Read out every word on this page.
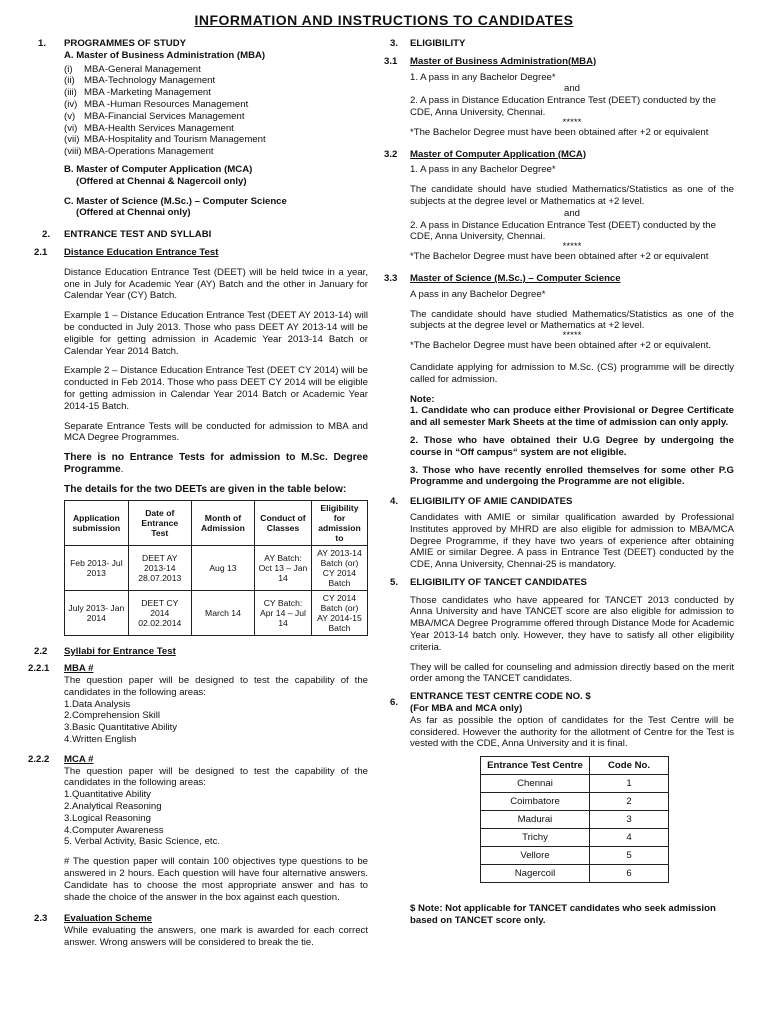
INFORMATION AND INSTRUCTIONS TO CANDIDATES
1. PROGRAMMES OF STUDY
A. Master of Business Administration (MBA)
(i)	MBA-General Management
(ii) MBA-Technology Management
(iii) MBA -Marketing Management
(iv) MBA -Human Resources Management
(v) MBA-Financial Services Management
(vi) MBA-Health Services Management
(vii) MBA-Hospitality and Tourism Management
(viii) MBA-Operations Management
B. Master of Computer Application (MCA)
(Offered at Chennai & Nagercoil only)
C. Master of Science (M.Sc.) – Computer Science
(Offered at Chennai only)
2. ENTRANCE TEST AND SYLLABI
2.1 Distance Education Entrance Test

Distance Education Entrance Test (DEET) will be held twice in a year, one in July for Academic Year (AY) Batch and the other in January for Calendar Year (CY) Batch.

Example 1 – Distance Education Entrance Test (DEET AY 2013-14) will be conducted in July 2013. Those who pass DEET AY 2013-14 will be eligible for getting admission in Academic Year 2013-14 Batch or Calendar Year 2014 Batch.

Example 2 – Distance Education Entrance Test (DEET CY 2014) will be conducted in Feb 2014. Those who pass DEET CY 2014 will be eligible for getting admission in Calendar Year 2014 Batch or Academic Year 2014-15 Batch.

Separate Entrance Tests will be conducted for admission to MBA and MCA Degree Programmes.

There is no Entrance Tests for admission to M.Sc. Degree Programme.

The details for the two DEETs are given in the table below:

Application submission	Date of Entrance Test	Month of Admission	Conduct of Classes	Eligibility for admission to
Feb 2013- Jul 2013	DEET AY 2013-14 28.07.2013	Aug 13	AY Batch: Oct 13 – Jan 14	AY 2013-14 Batch (or) CY 2014 Batch
July 2013- Jan 2014	DEET CY 2014 02.02.2014	March 14	CY Batch: Apr 14 – Jul 14	CY 2014 Batch (or) AY 2014-15 Batch
2.2 Syllabi for Entrance Test
2.2.1 MBA #

The question paper will be designed to test the capability of the candidates in the following areas:

1.Data Analysis
2.Comprehension Skill
3.Basic Quantitative Ability
4.Written English
2.2.2 MCA #

The question paper will be designed to test the capability of the candidates in the following areas:

1.Quantitative Ability
2.Analytical Reasoning
3.Logical Reasoning
4.Computer Awareness
5. Verbal Activity, Basic Science, etc.

# The question paper will contain 100 objectives type questions to be answered in 2 hours. Each question will have four alternative answers. Candidate has to choose the most appropriate answer and has to shade the choice of the answer in the box against each question.

2.3 Evaluation Scheme

While evaluating the answers, one mark is awarded for each correct answer. Wrong answers will be considered to break the tie.

3. ELIGIBILITY
3.1 Master of Business Administration(MBA)
1. A pass in any Bachelor Degree*
and
2. A pass in Distance Education Entrance Test (DEET) conducted by the CDE, Anna University, Chennai.
*****
*The Bachelor Degree must have been obtained after +2 or equivalent
3.2 Master of Computer Application (MCA)
1. A pass in any Bachelor Degree*

The candidate should have studied Mathematics/Statistics as one of the subjects at the degree level or Mathematics at +2 level.

and
2. A pass in Distance Education Entrance Test (DEET) conducted by the CDE, Anna University, Chennai.
*****
*The Bachelor Degree must have been obtained after +2 or equivalent
3.3 Master of Science (M.Sc.) – Computer Science
A pass in any Bachelor Degree*

The candidate should have studied Mathematics/Statistics as one of the subjects at the degree level or Mathematics at +2 level.

*****
*The Bachelor Degree must have been obtained after +2 or equivalent.

Candidate applying for admission to M.Sc. (CS) programme will be directly called for admission.

Note:

1. Candidate who can produce either Provisional or Degree Certificate and all semester Mark Sheets at the time of admission can only apply.

2. Those who have obtained their U.G Degree by undergoing the course in “Off campus“ system are not eligible.

3. Those who have recently enrolled themselves for some other P.G Programme and undergoing the Programme are not eligible.

4. ELIGIBILITY OF AMIE CANDIDATES

Candidates with AMIE or similar qualification awarded by Professional Institutes approved by MHRD are also eligible for admission to MBA/MCA Degree Programme, if they have two years of experience after obtaining AMIE or similar Degree. A pass in Entrance Test (DEET) conducted by the CDE, Anna University, Chennai-25 is mandatory.

5. ELIGIBILITY OF TANCET CANDIDATES

Those candidates who have appeared for TANCET 2013 conducted by Anna University and have TANCET score are also eligible for admission to MBA/MCA Degree Programme offered through Distance Mode for Academic Year 2013-14 batch only. However, they have to satisfy all other eligibility criteria.

They will be called for counseling and admission directly based on the merit order among the TANCET candidates.

6.
ENTRANCE TEST CENTRE CODE NO. $
(For MBA and MCA only)

As far as possible the option of candidates for the Test Centre will be considered. However the authority for the allotment of Centre for the Test is vested with the CDE, Anna University and it is final.

Entrance Test Centre	Code No.
Chennai	1
Coimbatore	2
Madurai	3
Trichy	4
Vellore	5
Nagercoil	6

$ Note: Not applicable for TANCET candidates who seek admission based on TANCET score only.
